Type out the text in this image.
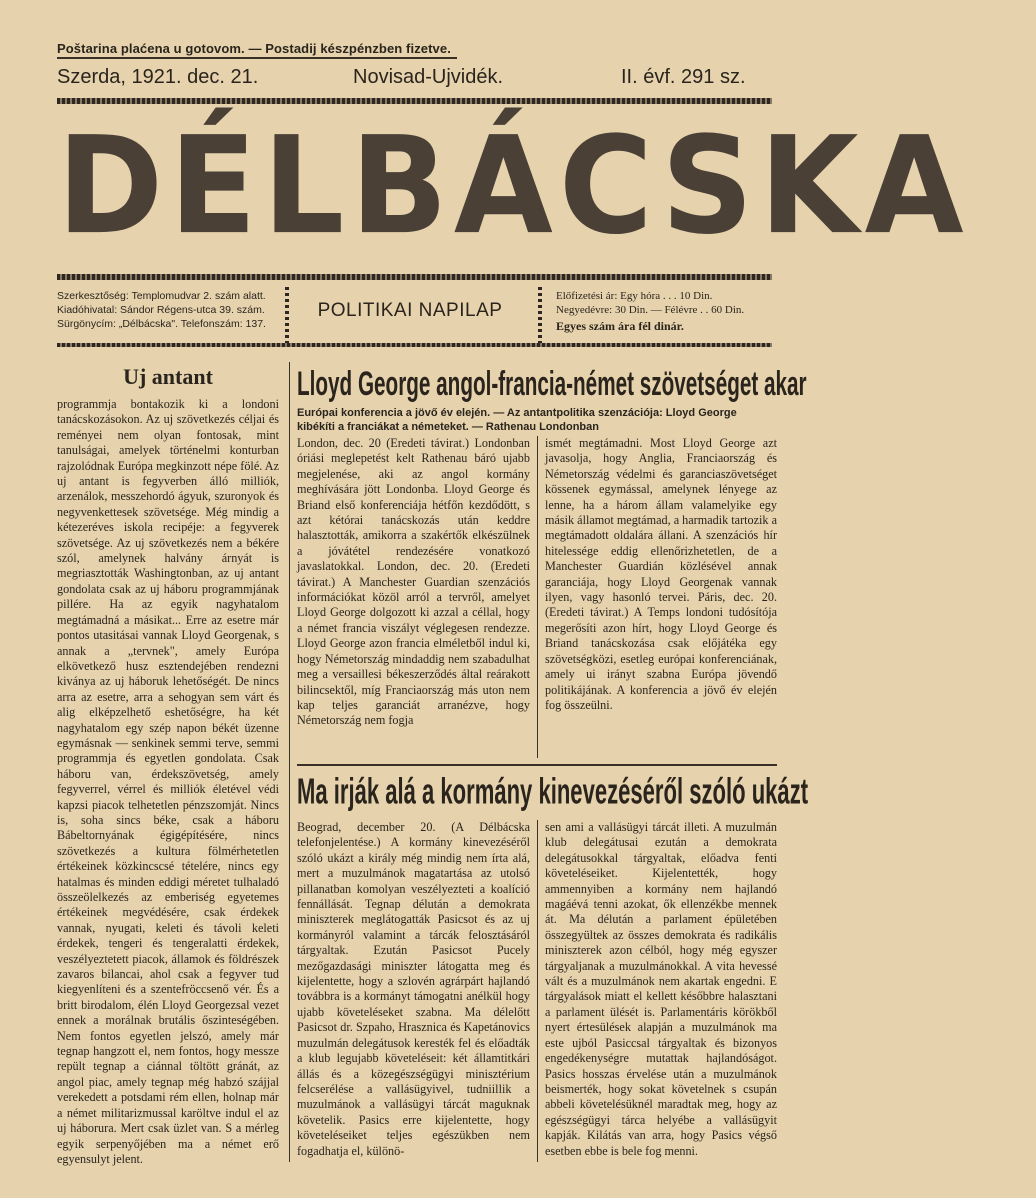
Poštarina plaćena u gotovom. — Postadij készpénzben fizetve.
Szerda, 1921. dec. 21.	Novisad-Ujvidék.	II. évf. 291 sz.
DÉLBÁCSKA
Szerkesztőség: Templomudvar 2. szám alatt.
Kiadóhivatal: Sándor Régens-utca 39. szám.
Sürgönycím: „Délbácska". Telefonszám: 137.
POLITIKAI NAPILAP
Előfizetési ár: Egy hóra . . . 10 Din.
Negyedévre: 30 Din. — Félévre . . 60 Din.
Egyes szám ára fél dinár.
Uj antant

programmja bontakozik ki a londoni tanácskozásokon. Az uj szövetkezés céljai és reményei nem olyan fontosak, mint tanulságai, amelyek történelmi konturban rajzolódnak Európa megkinzott népe fölé. Az uj antant is fegyverben álló milliók, arzenálok, messzehordó ágyuk, szuronyok és negyvenkettesek szövetsége. Még mindig a kétezeréves iskola recipéje: a fegyverek szövetsége. Az uj szövetkezés nem a békére szól, amelynek halvány árnyát is megriasztották Washingtonban, az uj antant gondolata csak az uj háboru programmjának pillére. Ha az egyik nagyhatalom megtámadná a másikat... Erre az esetre már pontos utasitásai vannak Lloyd Georgenak, s annak a „tervnek", amely Európa elkövetkező husz esztendejében rendezni kiványa az uj háboruk lehetőségét. De nincs arra az esetre, arra a sehogyan sem várt és alig elképzelhető eshetőségre, ha két nagyhatalom egy szép napon békét üzenne egymásnak — senkinek semmi terve, semmi programmja és egyetlen gondolata. Csak háboru van, érdekszövetség, amely fegyverrel, vérrel és milliók életével védi kapzsi piacok telhetetlen pénzszomját. Nincs is, soha sincs béke, csak a háboru Bábeltornyának égigépítésére, nincs szövetkezés a kultura fölmérhetetlen értékeinek közkincscsé tételére, nincs egy hatalmas és minden eddigi méretet tulhaladó összeölelkezés az emberiség egyetemes értékeinek megvédésére, csak érdekek vannak, nyugati, keleti és távoli keleti érdekek, tengeri és tengeralatti érdekek, veszélyeztetett piacok, államok és földrészek zavaros bilancai, ahol csak a fegyver tud kiegyenlíteni és a szentefröccsenő vér. És a britt birodalom, élén Lloyd Georgezsal vezet ennek a morálnak brutális őszinteségében. Nem fontos egyetlen jelszó, amely már tegnap hangzott el, nem fontos, hogy messze repült tegnap a ciánnal töltött gránát, az angol piac, amely tegnap még habzó szájjal verekedett a potsdami rém ellen, holnap már a német militarizmussal karöltve indul el az uj háborura. Mert csak üzlet van. S a mérleg egyik serpenyőjében ma a német erő egyensulyt jelent.

Lloyd George angol-francia-német szövetséget akar
Európai konferencia a jövő év elején. — Az antantpolitika szenzációja: Lloyd George kibékíti a franciákat a németeket. — Rathenau Londonban
London, dec. 20 (Eredeti távirat.) Londonban óriási meglepetést kelt Rathenau báró ujabb megjelenése, aki az angol kormány meghívására jött Londonba. Lloyd George és Briand első konferenciája hétfőn kezdődött, s azt kétórai tanácskozás után keddre halasztották, amikorra a szakértők elkészülnek a jóvátétel rendezésére vonatkozó javaslatokkal. London, dec. 20. (Eredeti távirat.) A Manchester Guardian szenzációs információkat közöl arról a tervről, amelyet Lloyd George dolgozott ki azzal a céllal, hogy a német francia viszályt véglegesen rendezze. Lloyd George azon francia elméletből indul ki, hogy Németország mindaddig nem szabadulhat meg a versaillesi békeszerződés által reárakott bilincsektől, míg Franciaország más uton nem kap teljes garanciát arranézve, hogy Németország nem fogja
ismét megtámadni. Most Lloyd George azt javasolja, hogy Anglia, Franciaország és Németország védelmi és garanciaszövetséget kössenek egymással, amelynek lényege az lenne, ha a három állam valamelyike egy másik államot megtámad, a harmadik tartozik a megtámadott oldalára állani. A szenzációs hír hitelessége eddig ellenőrizhetetlen, de a Manchester Guardián közlésével annak garanciája, hogy Lloyd Georgenak vannak ilyen, vagy hasonló tervei. Páris, dec. 20. (Eredeti távirat.) A Temps londoni tudósítója megerősíti azon hírt, hogy Lloyd George és Briand tanácskozása csak előjátéka egy szövetségközi, esetleg európai konferenciának, amely ui irányt szabna Európa jövendő politikájának. A konferencia a jövő év elején fog összeülni.
Ma irják alá a kormány kinevezéséről szóló ukázt
Beograd, december 20. (A Délbácska telefonjelentése.) A kormány kinevezéséről szóló ukázt a király még mindig nem írta alá, mert a muzulmánok magatartása az utolsó pillanatban komolyan veszélyezteti a koalíció fennállását. Tegnap délután a demokrata miniszterek meglátogatták Pasicsot és az uj kormányról valamint a tárcák felosztásáról tárgyaltak. Ezután Pasicsot Pucely mezőgazdasági miniszter látogatta meg és kijelentette, hogy a szlovén agrárpárt hajlandó továbbra is a kormányt támogatni anélkül hogy ujabb követeléseket szabna. Ma délelőtt Pasicsot dr. Szpaho, Hrasznica és Kapetánovics muzulmán delegátusok keresték fel és előadták a klub legujabb követeléseit: két államtitkári állás és a közegészségügyi minisztérium felcserélése a vallásügyivel, tudniillik a muzulmánok a vallásügyi tárcát maguknak követelik. Pasics erre kijelentette, hogy követeléseiket teljes egészükben nem fogadhatja el, különö-
sen ami a vallásügyi tárcát illeti. A muzulmán klub delegátusai ezután a demokrata delegátusokkal tárgyaltak, előadva fenti követeléseiket. Kijelentették, hogy ammennyiben a kormány nem hajlandó magáévá tenni azokat, ők ellenzékbe mennek át. Ma délután a parlament épületében összegyültek az összes demokrata és radikális miniszterek azon célból, hogy még egyszer tárgyaljanak a muzulmánokkal. A vita hevessé vált és a muzulmánok nem akartak engedni. E tárgyalások miatt el kellett későbbre halasztani a parlament ülését is. Parlamentáris körökből nyert értesülések alapján a muzulmánok ma este ujból Pasiccsal tárgyaltak és bizonyos engedékenységre mutattak hajlandóságot. Pasics hosszas érvelése után a muzulmánok beismerték, hogy sokat követelnek s csupán abbeli követelésüknél maradtak meg, hogy az egészségügyi tárca helyébe a vallásügyit kapják. Kilátás van arra, hogy Pasics végső esetben ebbe is bele fog menni.
